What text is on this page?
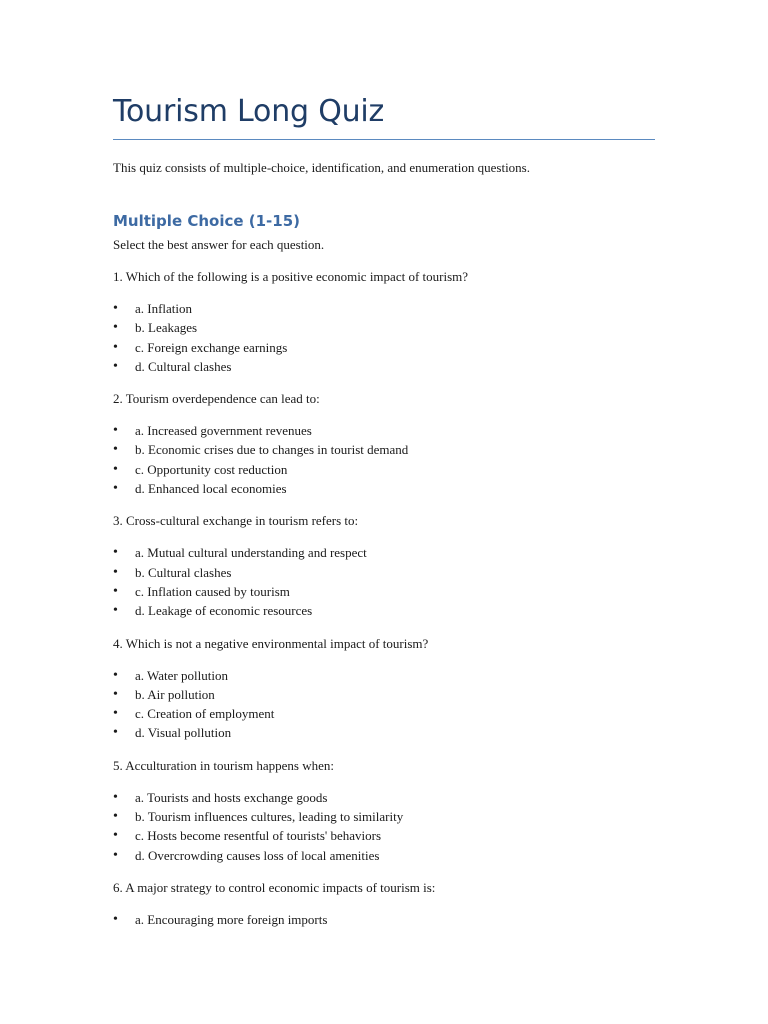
Tourism Long Quiz

This quiz consists of multiple-choice, identification, and enumeration questions.

Multiple Choice (1-15)

Select the best answer for each question.

1. Which of the following is a positive economic impact of tourism?

• a. Inflation
• b. Leakages
• c. Foreign exchange earnings
• d. Cultural clashes

2. Tourism overdependence can lead to:

• a. Increased government revenues
• b. Economic crises due to changes in tourist demand
• c. Opportunity cost reduction
• d. Enhanced local economies

3. Cross-cultural exchange in tourism refers to:

• a. Mutual cultural understanding and respect
• b. Cultural clashes
• c. Inflation caused by tourism
• d. Leakage of economic resources

4. Which is not a negative environmental impact of tourism?

• a. Water pollution
• b. Air pollution
• c. Creation of employment
• d. Visual pollution

5. Acculturation in tourism happens when:

• a. Tourists and hosts exchange goods
• b. Tourism influences cultures, leading to similarity
• c. Hosts become resentful of tourists' behaviors
• d. Overcrowding causes loss of local amenities

6. A major strategy to control economic impacts of tourism is:

• a. Encouraging more foreign imports
